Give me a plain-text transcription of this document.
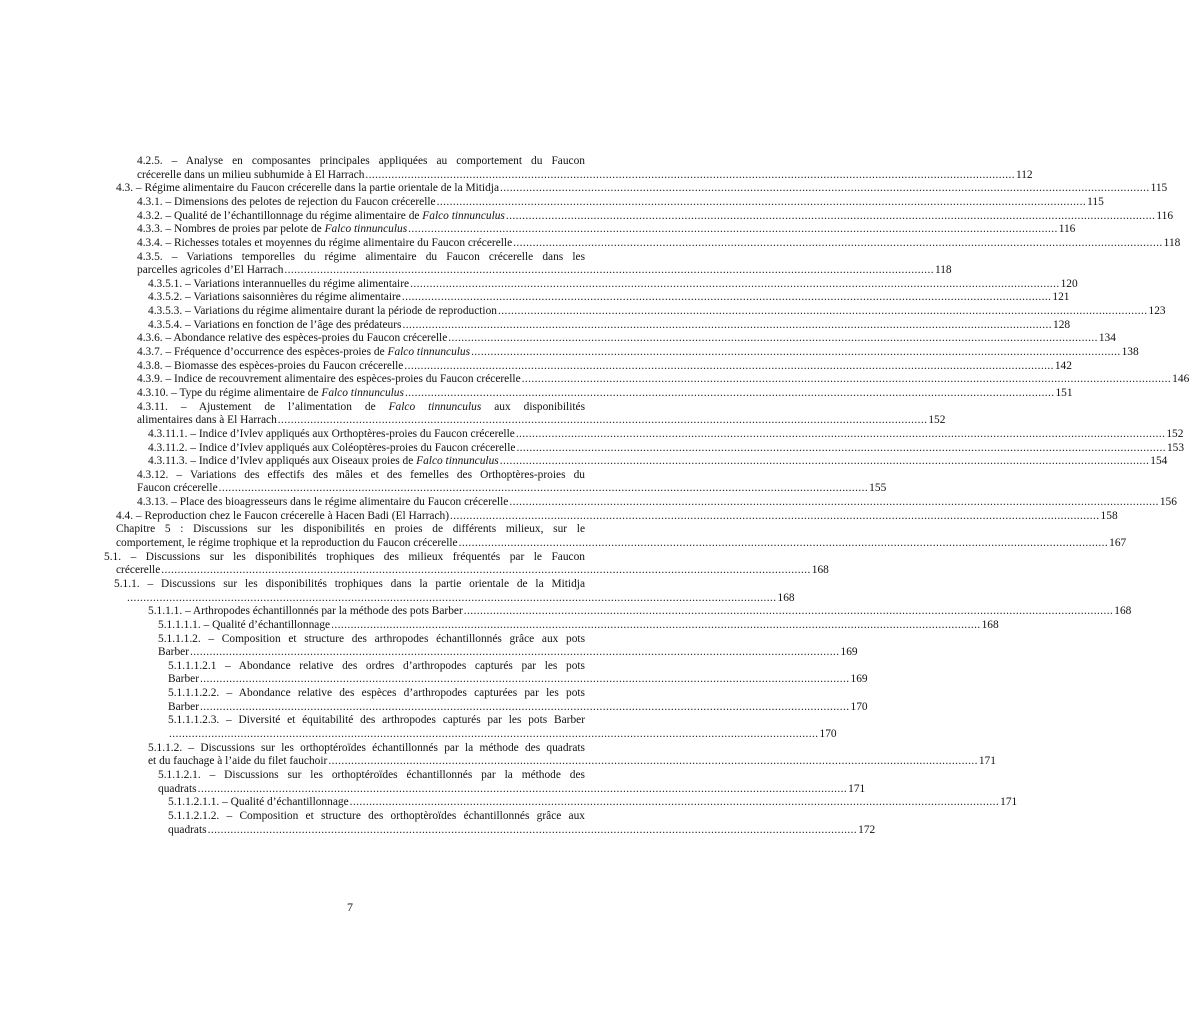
4.2.5. – Analyse en composantes principales appliquées au comportement du Faucon
crécerelle dans un milieu subhumide à El Harrach ........................................................................................................................................................................................................ 112
4.3. – Régime alimentaire du Faucon crécerelle dans la partie orientale de la Mitidja ........................................................................................................................................................................................................ 115
4.3.1. – Dimensions des pelotes de rejection du Faucon crécerelle ........................................................................................................................................................................................................ 115
4.3.2. – Qualité de l’échantillonnage du régime alimentaire de Falco tinnunculus ........................................................................................................................................................................................................ 116
4.3.3. – Nombres de proies par pelote de Falco tinnunculus ........................................................................................................................................................................................................ 116
4.3.4. – Richesses totales et moyennes du régime alimentaire du Faucon crécerelle ........................................................................................................................................................................................................ 118
4.3.5. – Variations temporelles du régime alimentaire du Faucon crécerelle dans les
parcelles agricoles d’El Harrach ........................................................................................................................................................................................................ 118
4.3.5.1. – Variations interannuelles du régime alimentaire ........................................................................................................................................................................................................ 120
4.3.5.2. – Variations saisonnières du régime alimentaire ........................................................................................................................................................................................................ 121
4.3.5.3. – Variations du régime alimentaire durant la période de reproduction ........................................................................................................................................................................................................ 123
4.3.5.4. – Variations en fonction de l’âge des prédateurs ........................................................................................................................................................................................................ 128
4.3.6. – Abondance relative des espèces-proies du Faucon crécerelle ........................................................................................................................................................................................................ 134
4.3.7. – Fréquence d’occurrence des espèces-proies de Falco tinnunculus ........................................................................................................................................................................................................ 138
4.3.8. – Biomasse des espèces-proies du Faucon crécerelle ........................................................................................................................................................................................................ 142
4.3.9. – Indice de recouvrement alimentaire des espèces-proies du Faucon crécerelle ........................................................................................................................................................................................................ 146
4.3.10. – Type du régime alimentaire de Falco tinnunculus ........................................................................................................................................................................................................ 151
4.3.11. – Ajustement de l’alimentation de Falco tinnunculus aux disponibilités
alimentaires dans à El Harrach ........................................................................................................................................................................................................ 152
4.3.11.1. – Indice d’Ivlev appliqués aux Orthoptères-proies du Faucon crécerelle ........................................................................................................................................................................................................ 152
4.3.11.2. – Indice d’Ivlev appliqués aux Coléoptères-proies du Faucon crécerelle ........................................................................................................................................................................................................ 153
4.3.11.3. – Indice d’Ivlev appliqués aux Oiseaux proies de Falco tinnunculus ........................................................................................................................................................................................................ 154
4.3.12. – Variations des effectifs des mâles et des femelles des Orthoptères-proies du
Faucon crécerelle ........................................................................................................................................................................................................ 155
4.3.13. – Place des bioagresseurs dans le régime alimentaire du Faucon crécerelle ........................................................................................................................................................................................................ 156
4.4. – Reproduction chez le Faucon crécerelle à Hacen Badi (El Harrach) ........................................................................................................................................................................................................ 158
Chapitre 5 : Discussions sur les disponibilités en proies de différents milieux, sur le
comportement, le régime trophique et la reproduction du Faucon crécerelle ........................................................................................................................................................................................................ 167
5.1. – Discussions sur les disponibilités trophiques des milieux fréquentés par le Faucon
crécerelle ........................................................................................................................................................................................................ 168
5.1.1. – Discussions sur les disponibilités trophiques dans la partie orientale de la Mitidja
........................................................................................................................................................................................................ 168
5.1.1.1. – Arthropodes échantillonnés par la méthode des pots Barber ........................................................................................................................................................................................................ 168
5.1.1.1.1. – Qualité d’échantillonnage ........................................................................................................................................................................................................ 168
5.1.1.1.2. – Composition et structure des arthropodes échantillonnés grâce aux pots
Barber ........................................................................................................................................................................................................ 169
5.1.1.1.2.1 – Abondance relative des ordres d’arthropodes capturés par les pots
Barber ........................................................................................................................................................................................................ 169
5.1.1.1.2.2. – Abondance relative des espèces d’arthropodes capturées par les pots
Barber ........................................................................................................................................................................................................ 170
5.1.1.1.2.3. – Diversité et équitabilité des arthropodes capturés par les pots Barber
........................................................................................................................................................................................................ 170
5.1.1.2. – Discussions sur les orthoptéroïdes échantillonnés par la méthode des quadrats
et du fauchage à l’aide du filet fauchoir ........................................................................................................................................................................................................ 171
5.1.1.2.1. – Discussions sur les orthoptéroïdes échantillonnés par la méthode des
quadrats ........................................................................................................................................................................................................ 171
5.1.1.2.1.1. – Qualité d’échantillonnage ........................................................................................................................................................................................................ 171
5.1.1.2.1.2. – Composition et structure des orthoptèroïdes échantillonnés grâce aux
quadrats ........................................................................................................................................................................................................ 172
7
